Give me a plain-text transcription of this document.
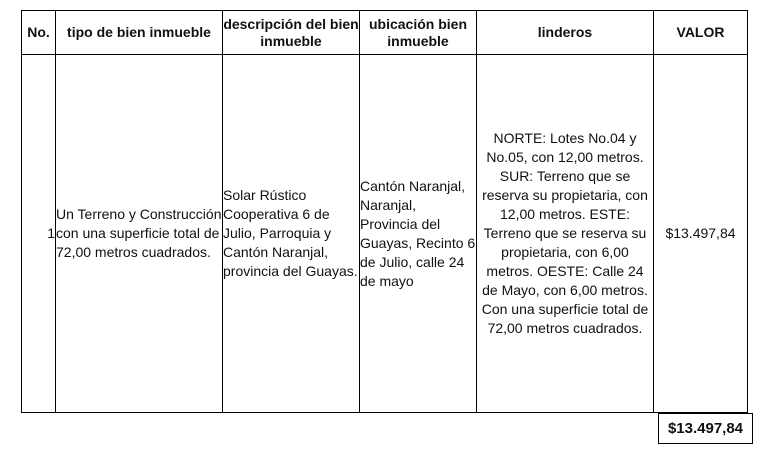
No.	tipo de bien inmueble	descripción del bien inmueble	ubicación bien inmueble	linderos	VALOR
1	Un Terreno y Construcción con una superficie total de 72,00 metros cuadrados.	Solar Rústico Cooperativa 6 de Julio, Parroquia y Cantón Naranjal, provincia del Guayas.	Cantón Naranjal, Naranjal, Provincia del Guayas, Recinto 6 de Julio, calle 24 de mayo	NORTE: Lotes No.04 y No.05, con 12,00 metros. SUR: Terreno que se reserva su propietaria, con 12,00 metros. ESTE: Terreno que se reserva su propietaria, con 6,00 metros. OESTE: Calle 24 de Mayo, con 6,00 metros. Con una superficie total de 72,00 metros cuadrados.	$13.497,84
$13.497,84
